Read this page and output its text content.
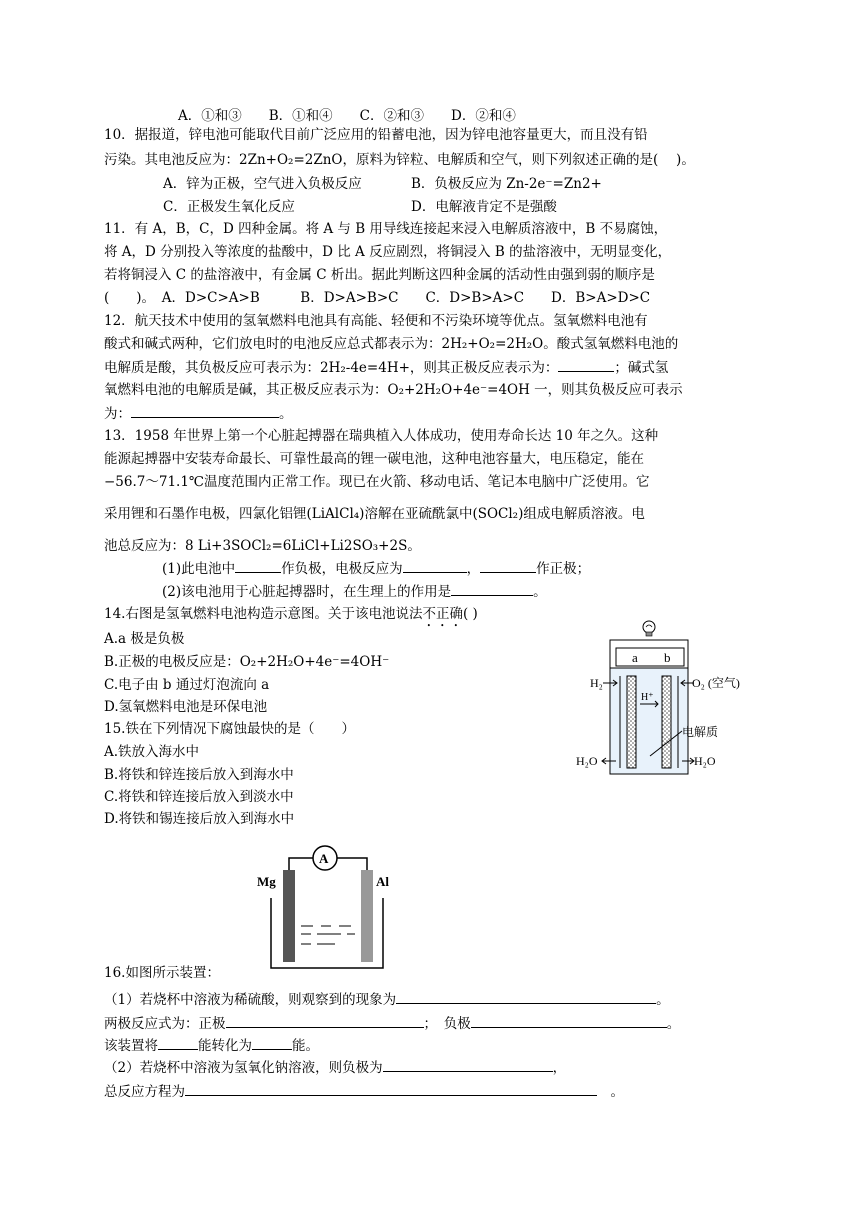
A．①和③　　B．①和④　　C．②和③　　D．②和④
10．据报道，锌电池可能取代目前广泛应用的铅蓄电池，因为锌电池容量更大，而且没有铅
污染。其电池反应为：2Zn+O₂=2ZnO，原料为锌粒、电解质和空气，则下列叙述正确的是(　 )。
A．锌为正极，空气进入负极反应	B．负极反应为 Zn-2e⁻=Zn2+
C．正极发生氧化反应	D．电解液肯定不是强酸
11．有 A，B，C，D 四种金属。将 A 与 B 用导线连接起来浸入电解质溶液中，B 不易腐蚀，
将 A，D 分别投入等浓度的盐酸中，D 比 A 反应剧烈，将铜浸入 B 的盐溶液中，无明显变化，
若将铜浸入 C 的盐溶液中，有金属 C 析出。据此判断这四种金属的活动性由强到弱的顺序是
(　　)。　A．D>C>A>B　　　B．D>A>B>C　　C．D>B>A>C　　D．B>A>D>C
12．航天技术中使用的氢氧燃料电池具有高能、轻便和不污染环境等优点。氢氧燃料电池有
酸式和碱式两种，它们放电时的电池反应总式都表示为：2H₂+O₂=2H₂O。酸式氢氧燃料电池的
电解质是酸，其负极反应可表示为：2H₂-4e=4H+，则其正极反应表示为：	；碱式氢
氧燃料电池的电解质是碱，其正极反应表示为：O₂+2H₂O+4e⁻=4OH 一，则其负极反应可表示
为：	。
13．1958 年世界上第一个心脏起搏器在瑞典植入人体成功，使用寿命长达 10 年之久。这种
能源起搏器中安装寿命最长、可靠性最高的锂一碳电池，这种电池容量大，电压稳定，能在
−56.7～71.1℃温度范围内正常工作。现已在火箭、移动电话、笔记本电脑中广泛使用。它
采用锂和石墨作电极，四氯化铝锂(LiAlCl₄)溶解在亚硫酰氯中(SOCl₂)组成电解质溶液。电
池总反应为：8 Li+3SOCl₂=6LiCl+Li2SO₃+2S。
(1)此电池中	作负极，电极反应为	，	作正极；
(2)该电池用于心脏起搏器时，在生理上的作用是	。
14.右图是氢氧燃料电池构造示意图。关于该电池说法不正确( )
A.a 极是负极
B.正极的电极反应是：O₂+2H₂O+4e⁻=4OH⁻
C.电子由 b 通过灯泡流向 a
D.氢氧燃料电池是环保电池
15.铁在下列情况下腐蚀最快的是（　　）
A.铁放入海水中
B.将铁和锌连接后放入到海水中
C.将铁和锌连接后放入到淡水中
D.将铁和锡连接后放入到海水中
a b
H₂	O₂ (空气)
H⁺
电解质
H₂O	H₂O
A
Mg	Al
16.如图所示装置：
（1）若烧杯中溶液为稀硫酸，则观察到的现象为	。
两极反应式为：正极	；　负极	。
该装置将	能转化为	能。
（2）若烧杯中溶液为氢氧化钠溶液，则负极为	，
总反应方程为	　。
